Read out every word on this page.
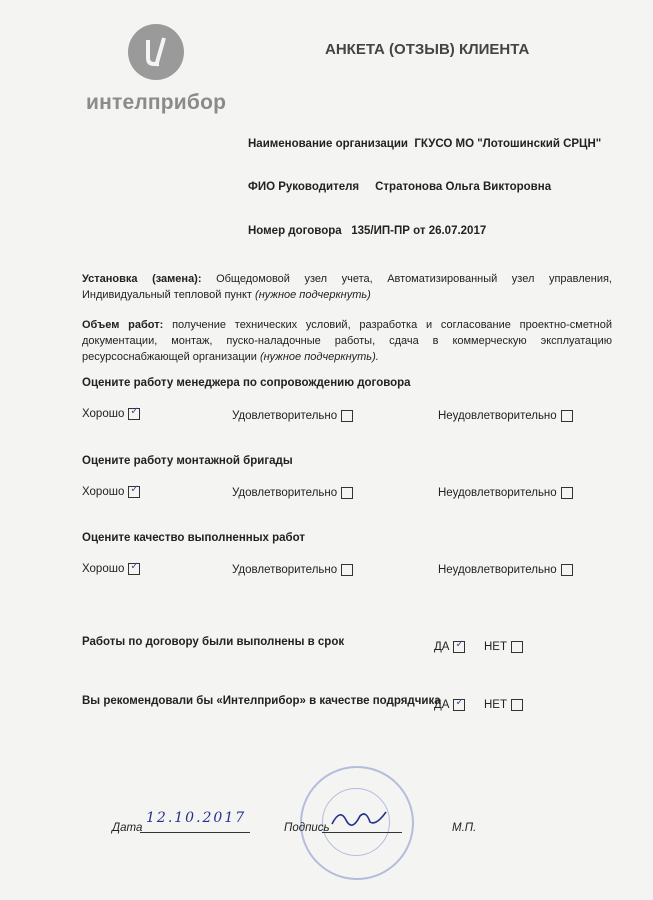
интелприбор
АНКЕТА (ОТЗЫВ) КЛИЕНТА
Наименование организации ГКУСО МО "Лотошинский СРЦН"
ФИО Руководителя Стратонова Ольга Викторовна
Номер договора 135/ИП-ПР от 26.07.2017
Установка (замена): Общедомовой узел учета, Автоматизированный узел управления, Индивидуальный тепловой пункт (нужное подчеркнуть)
Объем работ: получение технических условий, разработка и согласование проектно-сметной документации, монтаж, пуско-наладочные работы, сдача в коммерческую эксплуатацию ресурсоснабжающей организации (нужное подчеркнуть).
Оцените работу менеджера по сопровождению договора
Хорошо ✓	Удовлетворительно	Неудовлетворительно
Оцените работу монтажной бригады
Хорошо ✓	Удовлетворительно	Неудовлетворительно
Оцените качество выполненных работ
Хорошо ✓	Удовлетворительно	Неудовлетворительно
Работы по договору были выполнены в срок	ДА ✓	НЕТ
Вы рекомендовали бы «Интелприбор» в качестве подрядчика
ДА ✓	НЕТ
Дата
12.10.2017
Подпись	М.П.
